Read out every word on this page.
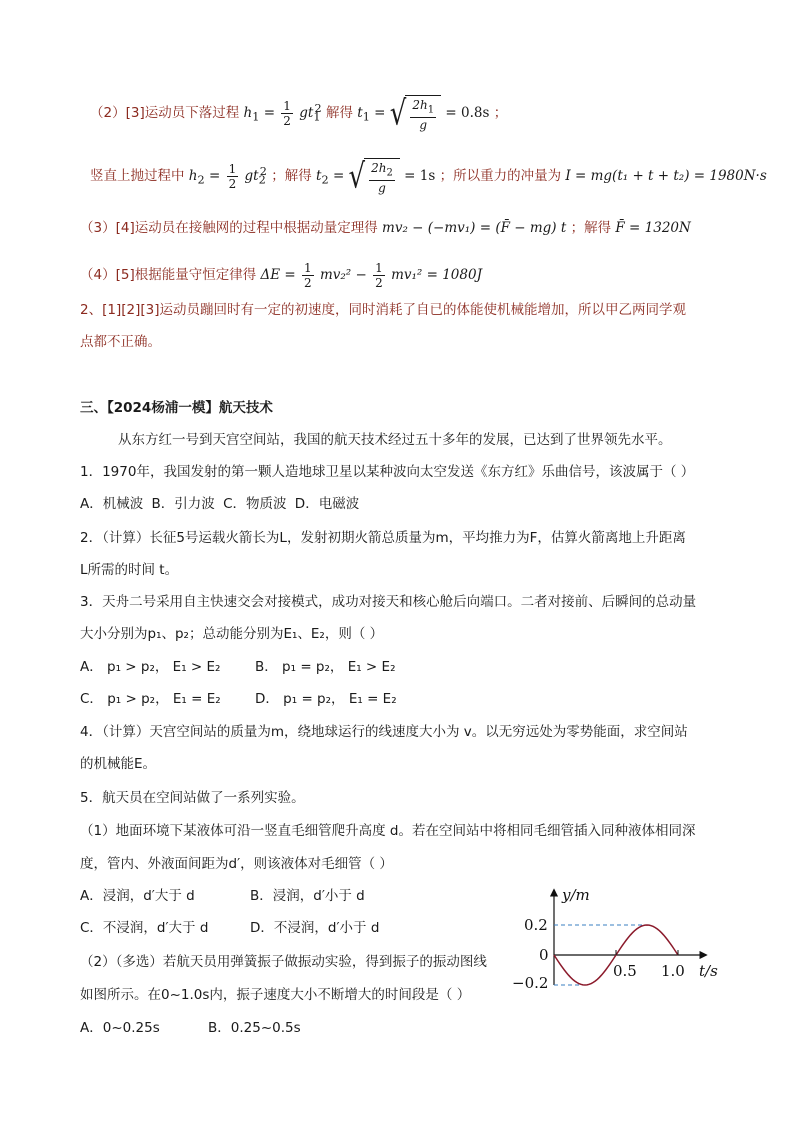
（2）[3]运动员下落过程 $h_1 = \frac{1}{2} gt_1^2$ 解得 $t_1$ = √ $\frac{2h_1}{g} = 0.8s$ ；
竖直上抛过程中 $h_2 = \frac{1}{2} gt_2^2$ ；解得 $t_2$ = √ $\frac{2h_2}{g} = 1s$ ；所以重力的冲量为 I = mg(t₁ + t + t₂) = 1980N·s
（3）[4]运动员在接触网的过程中根据动量定理得 mv₂ − (−mv₁) = (F̄ − mg) t ；解得 F̄ = 1320N
（4）[5]根据能量守恒定律得 $\Delta E = \frac{1}{2} mv_2^2 - \frac{1}{2} mv_1^2 = 1080J$
2、[1][2][3]运动员蹦回时有一定的初速度，同时消耗了自已的体能使机械能增加，所以甲乙两同学观
点都不正确。
三、【2024杨浦一模】航天技术
从东方红一号到天宫空间站，我国的航天技术经过五十多年的发展，已达到了世界领先水平。
1．1970年，我国发射的第一颗人造地球卫星以某种波向太空发送《东方红》乐曲信号，该波属于（ ）
A．机械波 B．引力波 C．物质波 D．电磁波
2．（计算）长征5号运载火箭长为L，发射初期火箭总质量为m，平均推力为F，估算火箭离地上升距离
L所需的时间 t。
3．天舟二号采用自主快速交会对接模式，成功对接天和核心舱后向端口。二者对接前、后瞬间的总动量
大小分别为p₁、p₂；总动能分别为E₁、E₂，则（ ）
A． p₁ > p₂， E₁ > E₂	B． p₁ = p₂， E₁ > E₂
C． p₁ > p₂， E₁ = E₂	D． p₁ = p₂， E₁ = E₂
4．（计算）天宫空间站的质量为m，绕地球运行的线速度大小为 v。以无穷远处为零势能面，求空间站
的机械能E。
5．航天员在空间站做了一系列实验。
（1）地面环境下某液体可沿一竖直毛细管爬升高度 d。若在空间站中将相同毛细管插入同种液体相同深
度，管内、外液面间距为d′，则该液体对毛细管（ ）
A．浸润，d′大于 d	B．浸润，d′小于 d
C．不浸润，d′大于 d	D．不浸润，d′小于 d
（2）（多选）若航天员用弹簧振子做振动实验，得到振子的振动图线
如图所示。在0~1.0s内，振子速度大小不断增大的时间段是（ ）
A．0~0.25s	B．0.25~0.5s
y/m
t/s
0.2
0
−0.2
0.5 1.0
